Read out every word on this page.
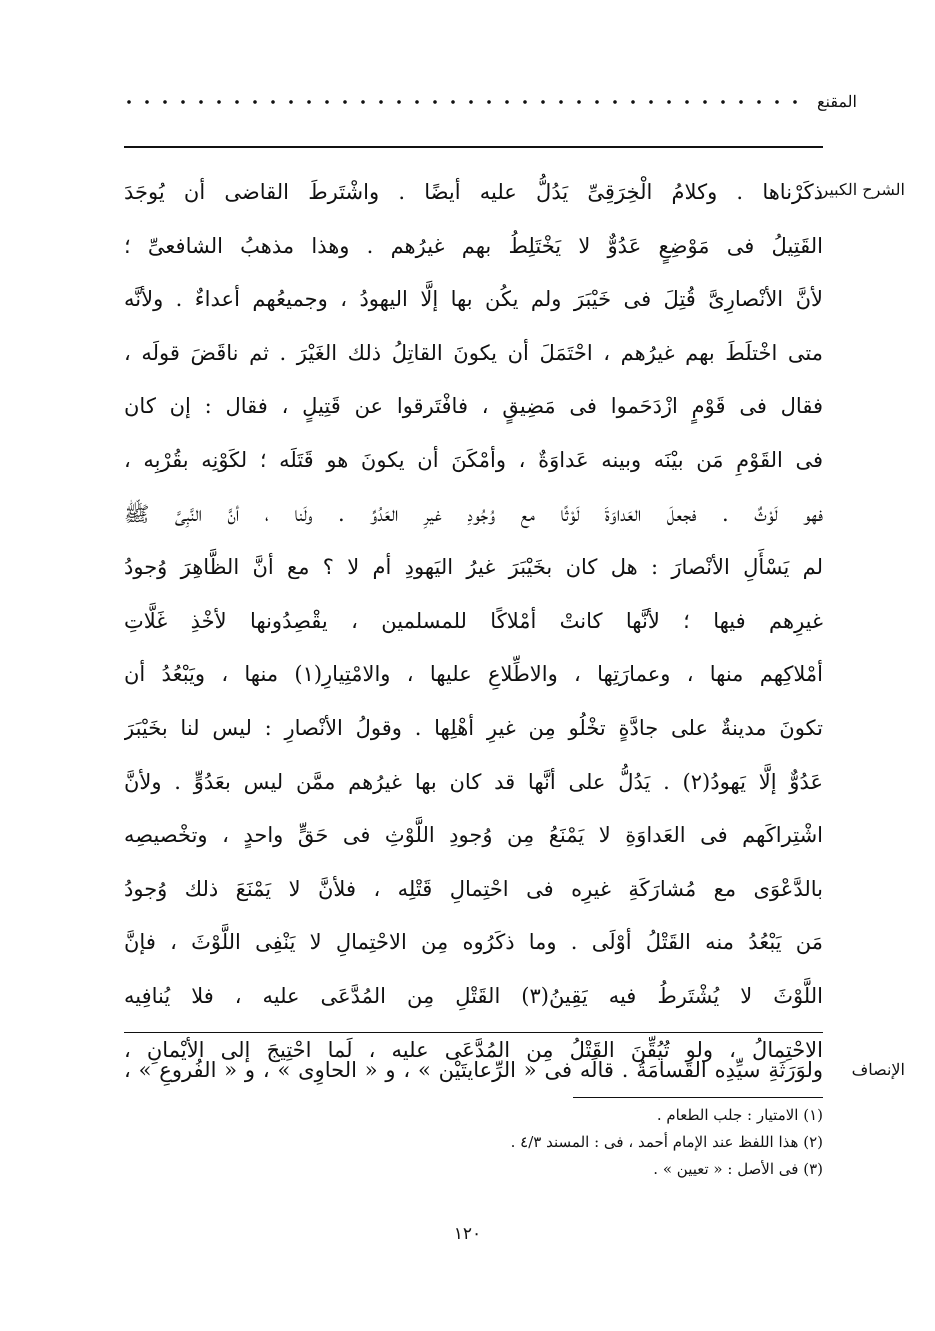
المقنع
الشرح الكبير
ذكَرْناها . وكلامُ الْخِرَقِىِّ يَدُلُّ عليه أيضًا . واشْتَرطَ القاضى أن يُوجَدَ
القَتِيلُ فى مَوْضِعٍ عَدُوٌّ لا يَخْتَلِطُ بهم غيرُهم . وهذا مذهبُ الشافعىِّ ؛
لأنَّ الأنْصارِىَّ قُتِلَ فى خَيْبَرَ ولم يكُن بها إلَّا اليهودُ ، وجميعُهم أعداءٌ . ولأنَّه
متى اخْتلَطَ بهم غيرُهم ، احْتَمَلَ أن يكونَ القاتِلُ ذلك الغَيْرَ . ثم ناقَضَ قولَه ،
فقال فى قَوْمٍ ازْدَحَموا فى مَضِيقٍ ، فافْتَرقوا عن قَتِيلٍ ، فقال : إن كان
فى القَوْمِ مَن بيْنَه وبينه عَداوَةٌ ، وأمْكَنَ أن يكونَ هو قَتَلَه ؛ لكَوْنِه بقُرْبِه ،
فهو لَوْثٌ . فجعلَ العَداوَةَ لَوْثًا مع وُجُودِ غيرِ العَدُوِّ . ولَنا ، أنَّ النَّبِىَّ ﷺ
لم يَسْأَلِ الأنْصارَ : هل كان بخَيْبَرَ غيرُ اليَهودِ أم لا ؟ مع أنَّ الظَّاهِرَ وُجودُ
غيرِهم فيها ؛ لأنَّها كانتْ أمْلاكًا للمسلمين ، يقْصِدُونها لأخْذِ غَلَّاتِ
أمْلاكِهم منها ، وعمارَتِها ، والاطِّلاعِ عليها ، والامْتِيارِ(١) منها ، ويَبْعُدُ أن
تكونَ مدينةٌ على جادَّةٍ تخْلُو مِن غيرِ أهْلِها . وقولُ الأنْصارِ : ليس لنا بخَيْبَرَ
عَدُوٌّ إلَّا يَهودُ(٢) . يَدُلُّ على أنَّها قد كان بها غيرُهم ممَّن ليس بعَدُوٍّ . ولأنَّ
اشْتِراكَهم فى العَداوَةِ لا يَمْنَعُ مِن وُجودِ اللَّوْثِ فى حَقٍّ واحدٍ ، وتخْصيصِه
بالدَّعْوَى مع مُشارَكَةِ غيرِه فى احْتِمالِ قَتْلِه ، فلأنَّ لا يَمْنَعَ ذلك وُجودُ
مَن يَبْعُدُ منه القَتْلُ أوْلَى . وما ذكَرُوه مِن الاحْتِمالِ لا يَنْفِى اللَّوْثَ ، فإنَّ
اللَّوْثَ لا يُشْتَرطُ فيه يَقِينُ(٣) القَتْلِ مِن المُدَّعَى عليه ، فلا يُنافِيه
الاحْتِمالُ ، ولو تُيُقِّنَ القَتْلُ مِن المُدَّعَى عليه ، لَما احْتِيجَ إلى الأيْمانِ ،
الإنصاف
ولوَرَثَةِ سيِّدِه القَسامَةُ . قالَه فى « الرِّعايتَيْن » ، و « الحاوِى » ، و « الفُروعِ » ،
(١) الامتيار : جلب الطعام .
(٢) هذا اللفظ عند الإمام أحمد ، فى : المسند ٤/٣ .
(٣) فى الأصل : « تعيين » .
١٢٠
